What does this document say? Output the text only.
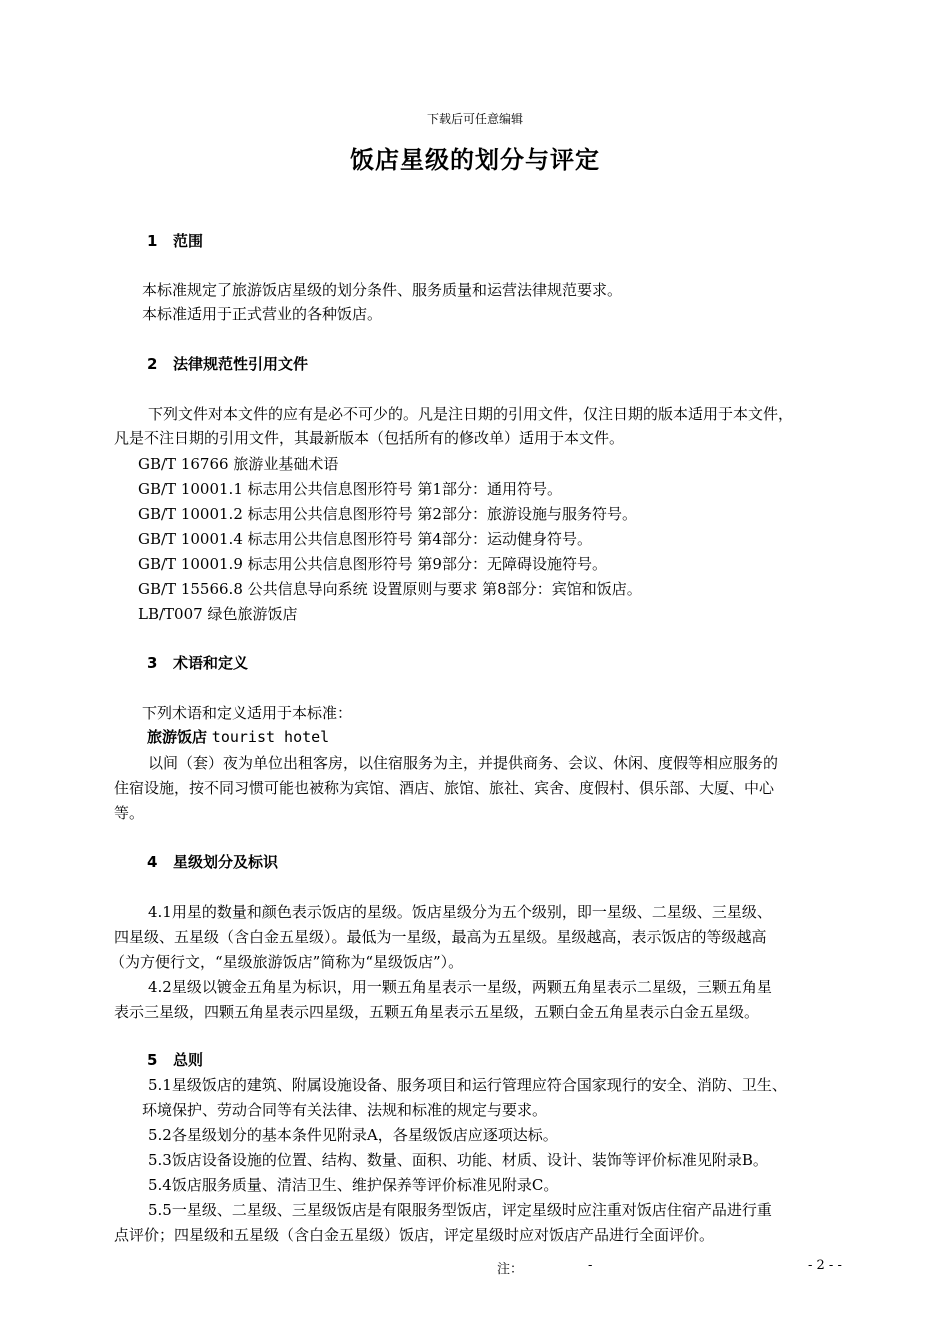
下载后可任意编辑
饭店星级的划分与评定
1 范围
本标准规定了旅游饭店星级的划分条件、服务质量和运营法律规范要求。
本标准适用于正式营业的各种饭店。
2 法律规范性引用文件
下列文件对本文件的应有是必不可少的。凡是注日期的引用文件，仅注日期的版本适用于本文件，
凡是不注日期的引用文件，其最新版本（包括所有的修改单）适用于本文件。
GB/T 16766 旅游业基础术语
GB/T 10001.1 标志用公共信息图形符号 第1部分：通用符号。
GB/T 10001.2 标志用公共信息图形符号 第2部分：旅游设施与服务符号。
GB/T 10001.4 标志用公共信息图形符号 第4部分：运动健身符号。
GB/T 10001.9 标志用公共信息图形符号 第9部分：无障碍设施符号。
GB/T 15566.8 公共信息导向系统 设置原则与要求 第8部分：宾馆和饭店。
LB/T007 绿色旅游饭店
3 术语和定义
下列术语和定义适用于本标准：
旅游饭店 tourist hotel
以间（套）夜为单位出租客房，以住宿服务为主，并提供商务、会议、休闲、度假等相应服务的
住宿设施，按不同习惯可能也被称为宾馆、酒店、旅馆、旅社、宾舍、度假村、俱乐部、大厦、中心
等。
4 星级划分及标识
4.1用星的数量和颜色表示饭店的星级。饭店星级分为五个级别，即一星级、二星级、三星级、
四星级、五星级（含白金五星级）。最低为一星级，最高为五星级。星级越高，表示饭店的等级越高
（为方便行文，“星级旅游饭店”简称为“星级饭店”）。
4.2星级以镀金五角星为标识，用一颗五角星表示一星级，两颗五角星表示二星级，三颗五角星
表示三星级，四颗五角星表示四星级，五颗五角星表示五星级，五颗白金五角星表示白金五星级。
5 总则
5.1星级饭店的建筑、附属设施设备、服务项目和运行管理应符合国家现行的安全、消防、卫生、
环境保护、劳动合同等有关法律、法规和标准的规定与要求。
5.2各星级划分的基本条件见附录A，各星级饭店应逐项达标。
5.3饭店设备设施的位置、结构、数量、面积、功能、材质、设计、装饰等评价标准见附录B。
5.4饭店服务质量、清洁卫生、维护保养等评价标准见附录C。
5.5一星级、二星级、三星级饭店是有限服务型饭店，评定星级时应注重对饭店住宿产品进行重
点评价；四星级和五星级（含白金五星级）饭店，评定星级时应对饭店产品进行全面评价。
注：	-	- 2 - -
